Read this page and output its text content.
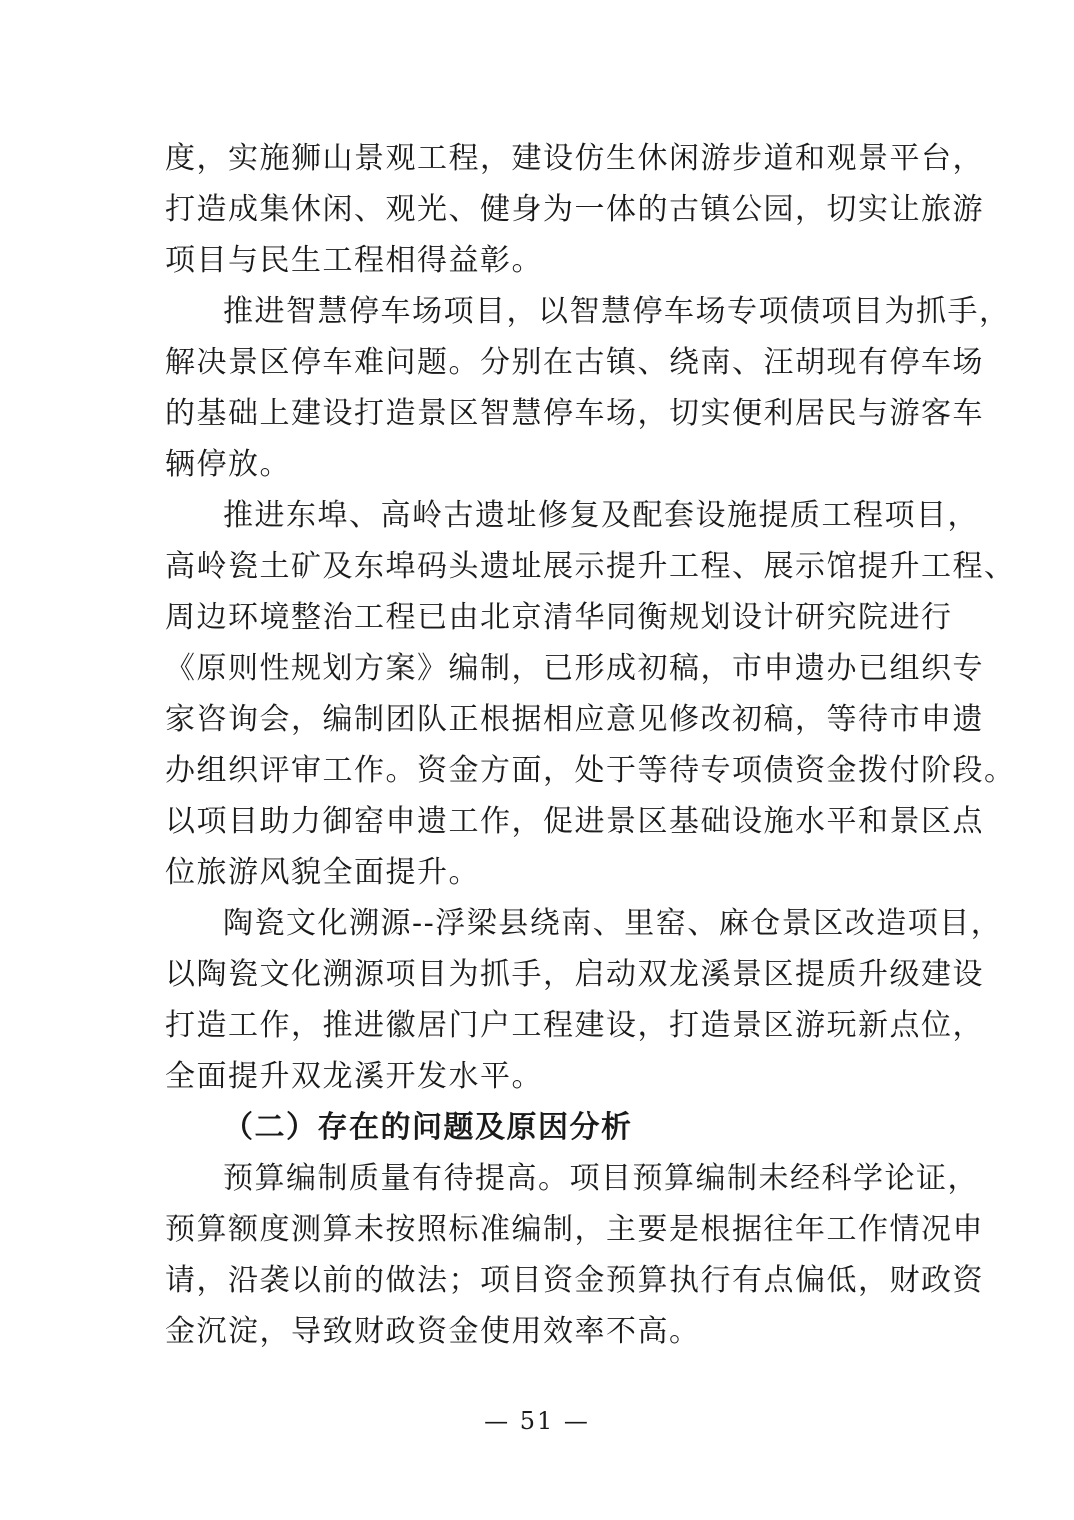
度，实施狮山景观工程，建设仿生休闲游步道和观景平台，
打造成集休闲、观光、健身为一体的古镇公园，切实让旅游
项目与民生工程相得益彰。
推进智慧停车场项目，以智慧停车场专项债项目为抓手，
解决景区停车难问题。分别在古镇、绕南、汪胡现有停车场
的基础上建设打造景区智慧停车场，切实便利居民与游客车
辆停放。
推进东埠、高岭古遗址修复及配套设施提质工程项目，
高岭瓷土矿及东埠码头遗址展示提升工程、展示馆提升工程、
周边环境整治工程已由北京清华同衡规划设计研究院进行
《原则性规划方案》编制，已形成初稿，市申遗办已组织专
家咨询会，编制团队正根据相应意见修改初稿，等待市申遗
办组织评审工作。资金方面，处于等待专项债资金拨付阶段。
以项目助力御窑申遗工作，促进景区基础设施水平和景区点
位旅游风貌全面提升。
陶瓷文化溯源--浮梁县绕南、里窑、麻仓景区改造项目，
以陶瓷文化溯源项目为抓手，启动双龙溪景区提质升级建设
打造工作，推进徽居门户工程建设，打造景区游玩新点位，
全面提升双龙溪开发水平。
（二）存在的问题及原因分析
预算编制质量有待提高。项目预算编制未经科学论证，
预算额度测算未按照标准编制，主要是根据往年工作情况申
请，沿袭以前的做法；项目资金预算执行有点偏低，财政资
金沉淀，导致财政资金使用效率不高。
— 51 —
